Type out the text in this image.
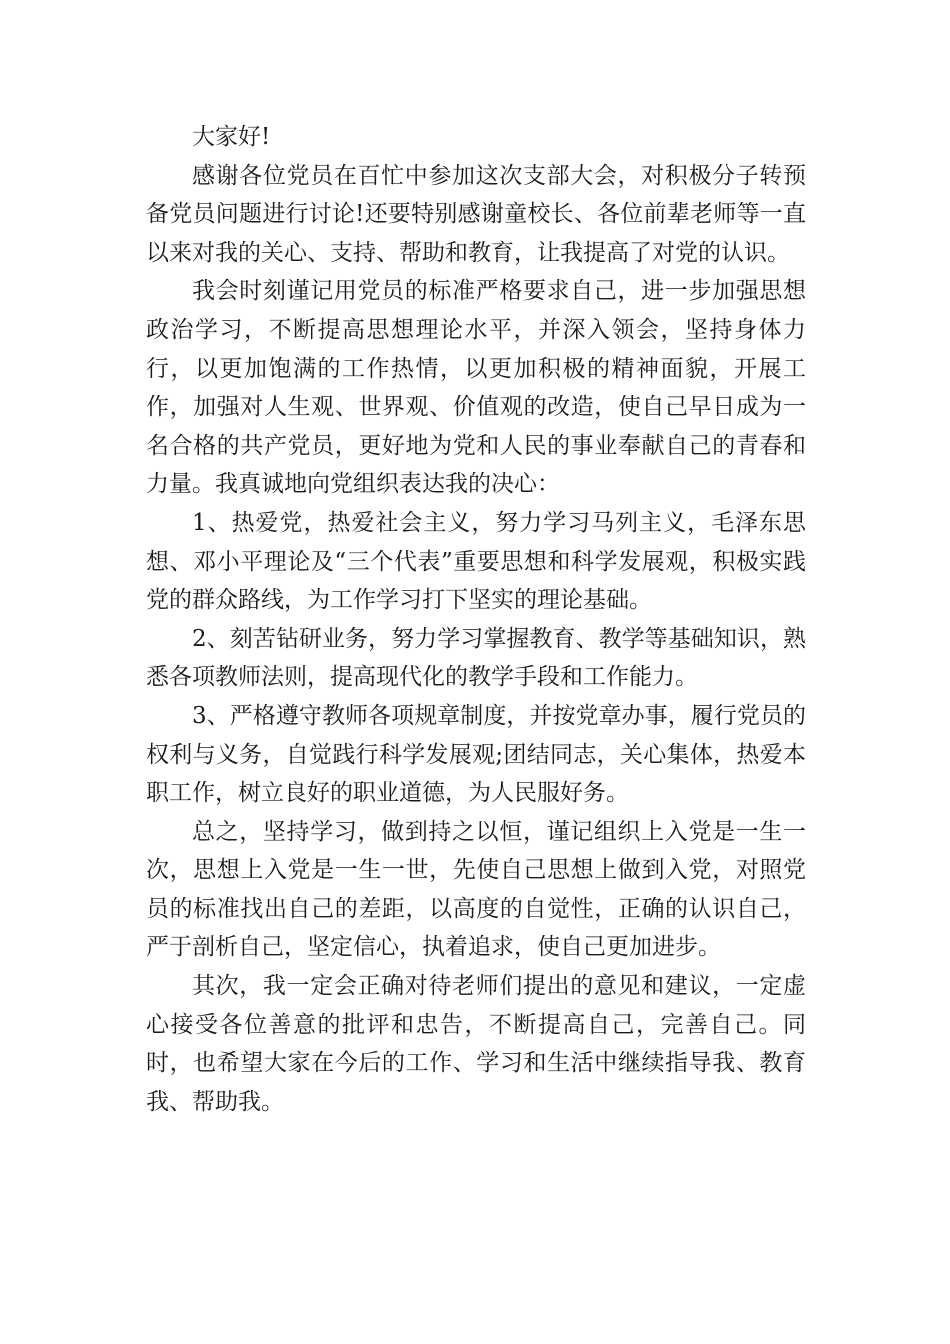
大家好!

感谢各位党员在百忙中参加这次支部大会，对积极分子转预备党员问题进行讨论!还要特别感谢童校长、各位前辈老师等一直以来对我的关心、支持、帮助和教育，让我提高了对党的认识。

我会时刻谨记用党员的标准严格要求自己，进一步加强思想政治学习，不断提高思想理论水平，并深入领会，坚持身体力行，以更加饱满的工作热情，以更加积极的精神面貌，开展工作，加强对人生观、世界观、价值观的改造，使自己早日成为一名合格的共产党员，更好地为党和人民的事业奉献自己的青春和力量。我真诚地向党组织表达我的决心：

1、热爱党，热爱社会主义，努力学习马列主义，毛泽东思想、邓小平理论及“三个代表”重要思想和科学发展观，积极实践党的群众路线，为工作学习打下坚实的理论基础。

2、刻苦钻研业务，努力学习掌握教育、教学等基础知识，熟悉各项教师法则，提高现代化的教学手段和工作能力。

3、严格遵守教师各项规章制度，并按党章办事，履行党员的权利与义务，自觉践行科学发展观;团结同志，关心集体，热爱本职工作，树立良好的职业道德，为人民服好务。

总之，坚持学习，做到持之以恒，谨记组织上入党是一生一次，思想上入党是一生一世，先使自己思想上做到入党，对照党员的标准找出自己的差距，以高度的自觉性，正确的认识自己，严于剖析自己，坚定信心，执着追求，使自己更加进步。

其次，我一定会正确对待老师们提出的意见和建议，一定虚心接受各位善意的批评和忠告，不断提高自己，完善自己。同时，也希望大家在今后的工作、学习和生活中继续指导我、教育我、帮助我。
